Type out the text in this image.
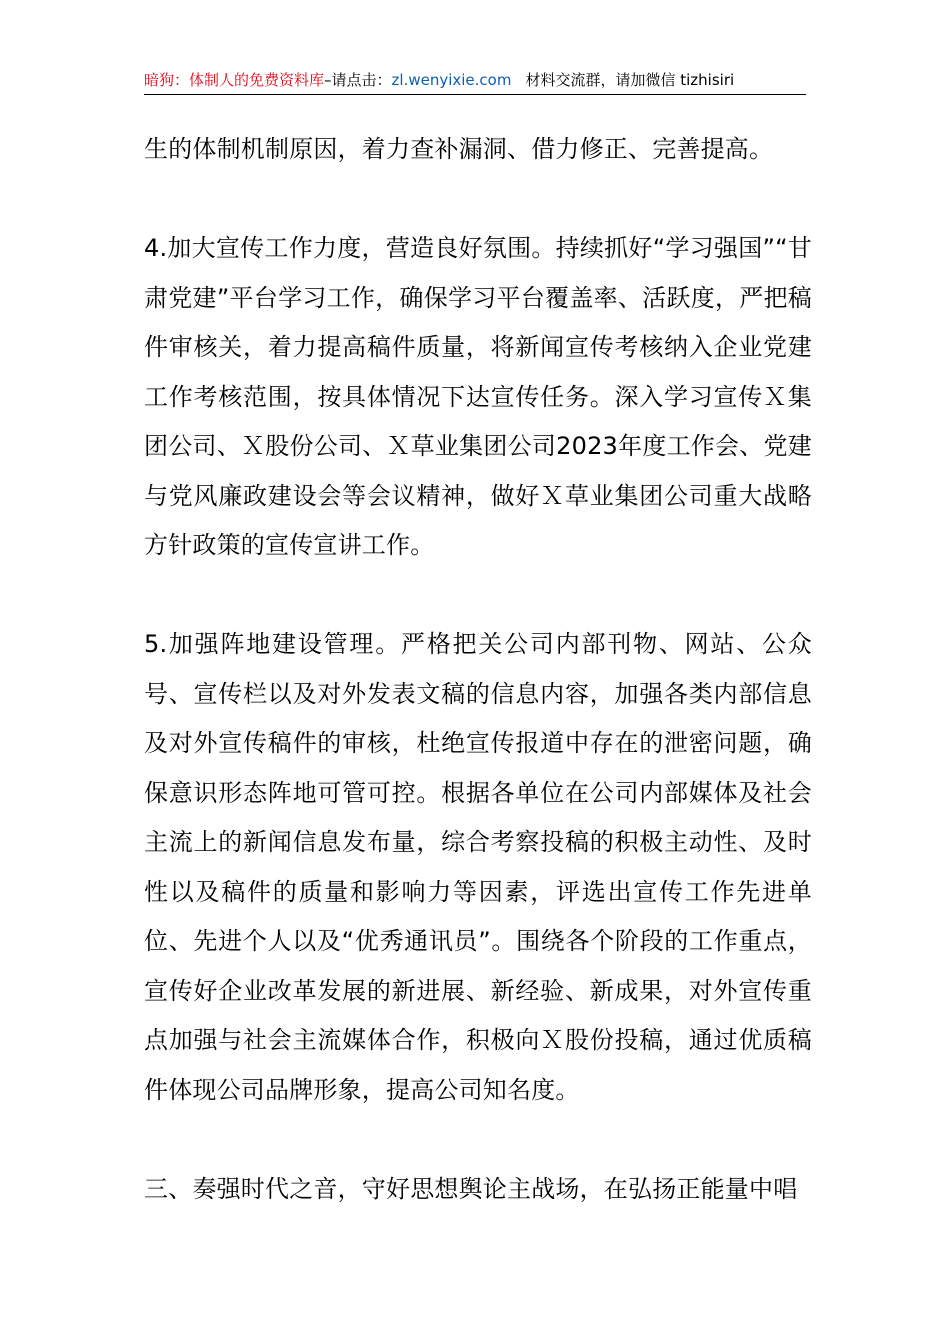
暗狗：体制人的免费资料库–请点击：zl.wenyixie.com 材料交流群，请加微信 tizhisiri

生的体制机制原因，着力查补漏洞、借力修正、完善提高。

4.加大宣传工作力度，营造良好氛围。持续抓好“学习强国”“甘肃党建”平台学习工作，确保学习平台覆盖率、活跃度，严把稿件审核关，着力提高稿件质量，将新闻宣传考核纳入企业党建工作考核范围，按具体情况下达宣传任务。深入学习宣传Ｘ集团公司、Ｘ股份公司、Ｘ草业集团公司2023年度工作会、党建与党风廉政建设会等会议精神，做好Ｘ草业集团公司重大战略方针政策的宣传宣讲工作。

5.加强阵地建设管理。严格把关公司内部刊物、网站、公众号、宣传栏以及对外发表文稿的信息内容，加强各类内部信息及对外宣传稿件的审核，杜绝宣传报道中存在的泄密问题，确保意识形态阵地可管可控。根据各单位在公司内部媒体及社会主流上的新闻信息发布量，综合考察投稿的积极主动性、及时性以及稿件的质量和影响力等因素，评选出宣传工作先进单位、先进个人以及“优秀通讯员”。围绕各个阶段的工作重点，宣传好企业改革发展的新进展、新经验、新成果，对外宣传重点加强与社会主流媒体合作，积极向Ｘ股份投稿，通过优质稿件体现公司品牌形象，提高公司知名度。

三、奏强时代之音，守好思想舆论主战场，在弘扬正能量中唱
